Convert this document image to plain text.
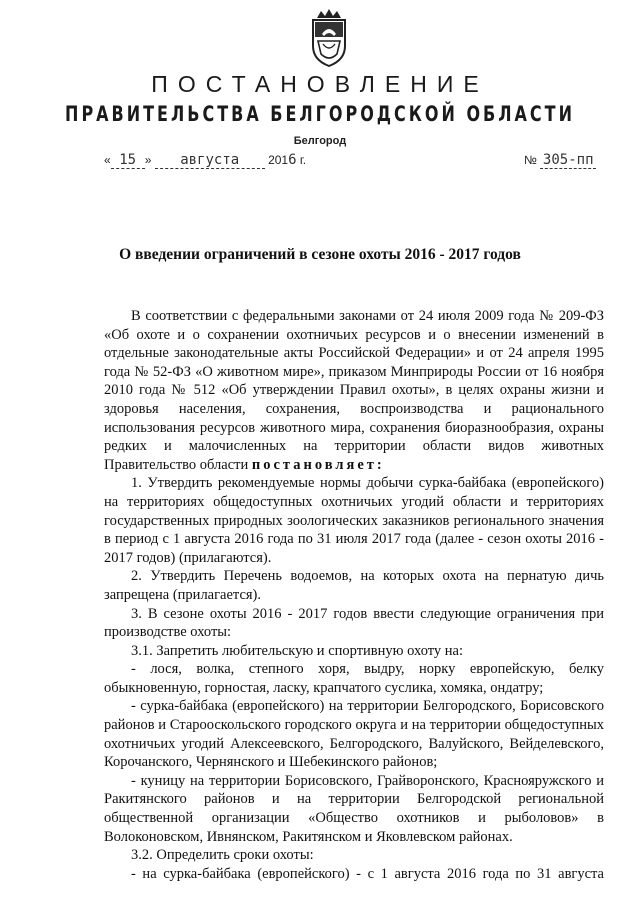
ПОСТАНОВЛЕНИЕ
ПРАВИТЕЛЬСТВА БЕЛГОРОДСКОЙ ОБЛАСТИ
Белгород
« 15 » августа 2016 г.	№ 305-пп
О введении ограничений в сезоне охоты 2016 - 2017 годов

В соответствии с федеральными законами от 24 июля 2009 года № 209-ФЗ «Об охоте и о сохранении охотничьих ресурсов и о внесении изменений в отдельные законодательные акты Российской Федерации» и от 24 апреля 1995 года № 52-ФЗ «О животном мире», приказом Минприроды России от 16 ноября 2010 года № 512 «Об утверждении Правил охоты», в целях охраны жизни и здоровья населения, сохранения, воспроизводства и рационального использования ресурсов животного мира, сохранения биоразнообразия, охраны редких и малочисленных на территории области видов животных Правительство области постановляет:

1. Утвердить рекомендуемые нормы добычи сурка-байбака (европейского) на территориях общедоступных охотничьих угодий области и территориях государственных природных зоологических заказников регионального значения в период с 1 августа 2016 года по 31 июля 2017 года (далее - сезон охоты 2016 - 2017 годов) (прилагаются).

2. Утвердить Перечень водоемов, на которых охота на пернатую дичь запрещена (прилагается).

3. В сезоне охоты 2016 - 2017 годов ввести следующие ограничения при производстве охоты:

3.1. Запретить любительскую и спортивную охоту на:

- лося, волка, степного хоря, выдру, норку европейскую, белку обыкновенную, горностая, ласку, крапчатого суслика, хомяка, ондатру;

- сурка-байбака (европейского) на территории Белгородского, Борисовского районов и Старооскольского городского округа и на территории общедоступных охотничьих угодий Алексеевского, Белгородского, Валуйского, Вейделевского, Корочанского, Чернянского и Шебекинского районов;

- куницу на территории Борисовского, Грайворонского, Краснояружского и Ракитянского районов и на территории Белгородской региональной общественной организации «Общество охотников и рыболовов» в Волоконовском, Ивнянском, Ракитянском и Яковлевском районах.

3.2. Определить сроки охоты:

- на сурка-байбака (европейского) - с 1 августа 2016 года по 31 августа
